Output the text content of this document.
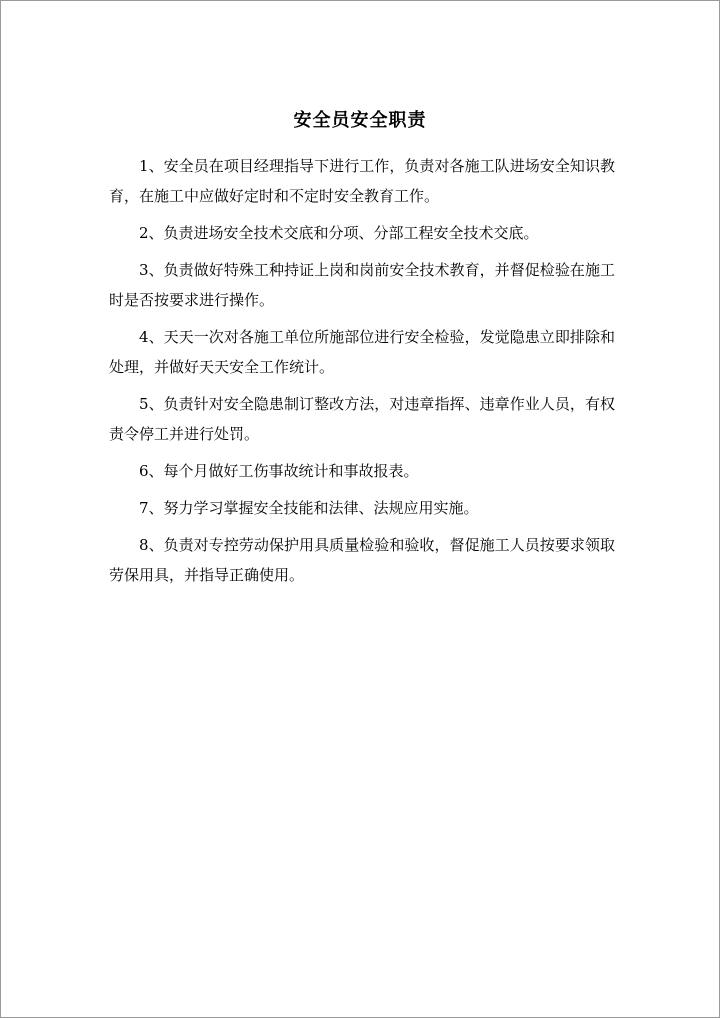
安全员安全职责
1、安全员在项目经理指导下进行工作，负责对各施工队进场安全知识教育，在施工中应做好定时和不定时安全教育工作。
2、负责进场安全技术交底和分项、分部工程安全技术交底。
3、负责做好特殊工种持证上岗和岗前安全技术教育，并督促检验在施工时是否按要求进行操作。
4、天天一次对各施工单位所施部位进行安全检验，发觉隐患立即排除和处理，并做好天天安全工作统计。
5、负责针对安全隐患制订整改方法，对违章指挥、违章作业人员，有权责令停工并进行处罚。
6、每个月做好工伤事故统计和事故报表。
7、努力学习掌握安全技能和法律、法规应用实施。
8、负责对专控劳动保护用具质量检验和验收，督促施工人员按要求领取劳保用具，并指导正确使用。
